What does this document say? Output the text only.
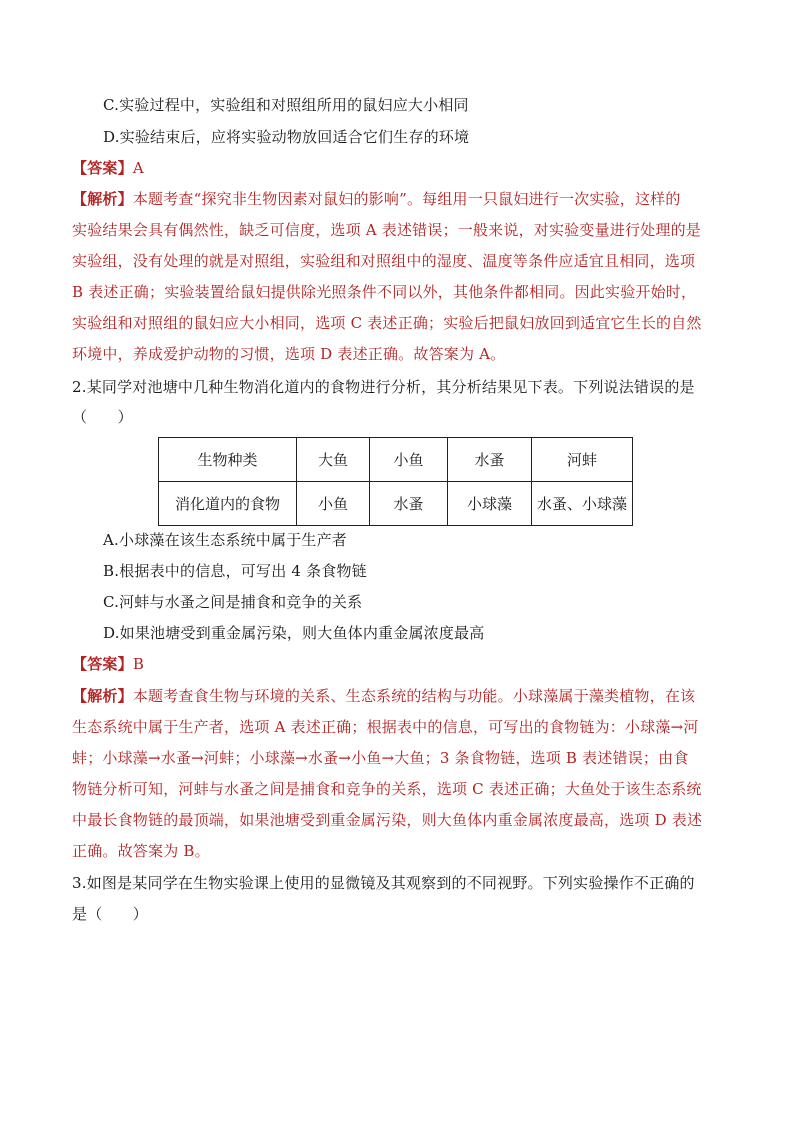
C.实验过程中，实验组和对照组所用的鼠妇应大小相同
D.实验结束后，应将实验动物放回适合它们生存的环境
【答案】A
【解析】本题考查“探究非生物因素对鼠妇的影响”。每组用一只鼠妇进行一次实验，这样的
实验结果会具有偶然性，缺乏可信度，选项 A 表述错误；一般来说，对实验变量进行处理的是
实验组，没有处理的就是对照组，实验组和对照组中的湿度、温度等条件应适宜且相同，选项
B 表述正确；实验装置给鼠妇提供除光照条件不同以外，其他条件都相同。因此实验开始时，
实验组和对照组的鼠妇应大小相同，选项 C 表述正确；实验后把鼠妇放回到适宜它生长的自然
环境中，养成爱护动物的习惯，选项 D 表述正确。故答案为 A。
2.某同学对池塘中几种生物消化道内的食物进行分析，其分析结果见下表。下列说法错误的是
（　　）
生物种类	大鱼	小鱼	水蚤	河蚌
消化道内的食物	小鱼	水蚤	小球藻	水蚤、小球藻
A.小球藻在该生态系统中属于生产者
B.根据表中的信息，可写出 4 条食物链
C.河蚌与水蚤之间是捕食和竞争的关系
D.如果池塘受到重金属污染，则大鱼体内重金属浓度最高
【答案】B
【解析】本题考查食生物与环境的关系、生态系统的结构与功能。小球藻属于藻类植物，在该
生态系统中属于生产者，选项 A 表述正确；根据表中的信息，可写出的食物链为：小球藻→河
蚌；小球藻→水蚤→河蚌；小球藻→水蚤→小鱼→大鱼；3 条食物链，选项 B 表述错误；由食
物链分析可知，河蚌与水蚤之间是捕食和竞争的关系，选项 C 表述正确；大鱼处于该生态系统
中最长食物链的最顶端，如果池塘受到重金属污染，则大鱼体内重金属浓度最高，选项 D 表述
正确。故答案为 B。
3.如图是某同学在生物实验课上使用的显微镜及其观察到的不同视野。下列实验操作不正确的
是（　　）
